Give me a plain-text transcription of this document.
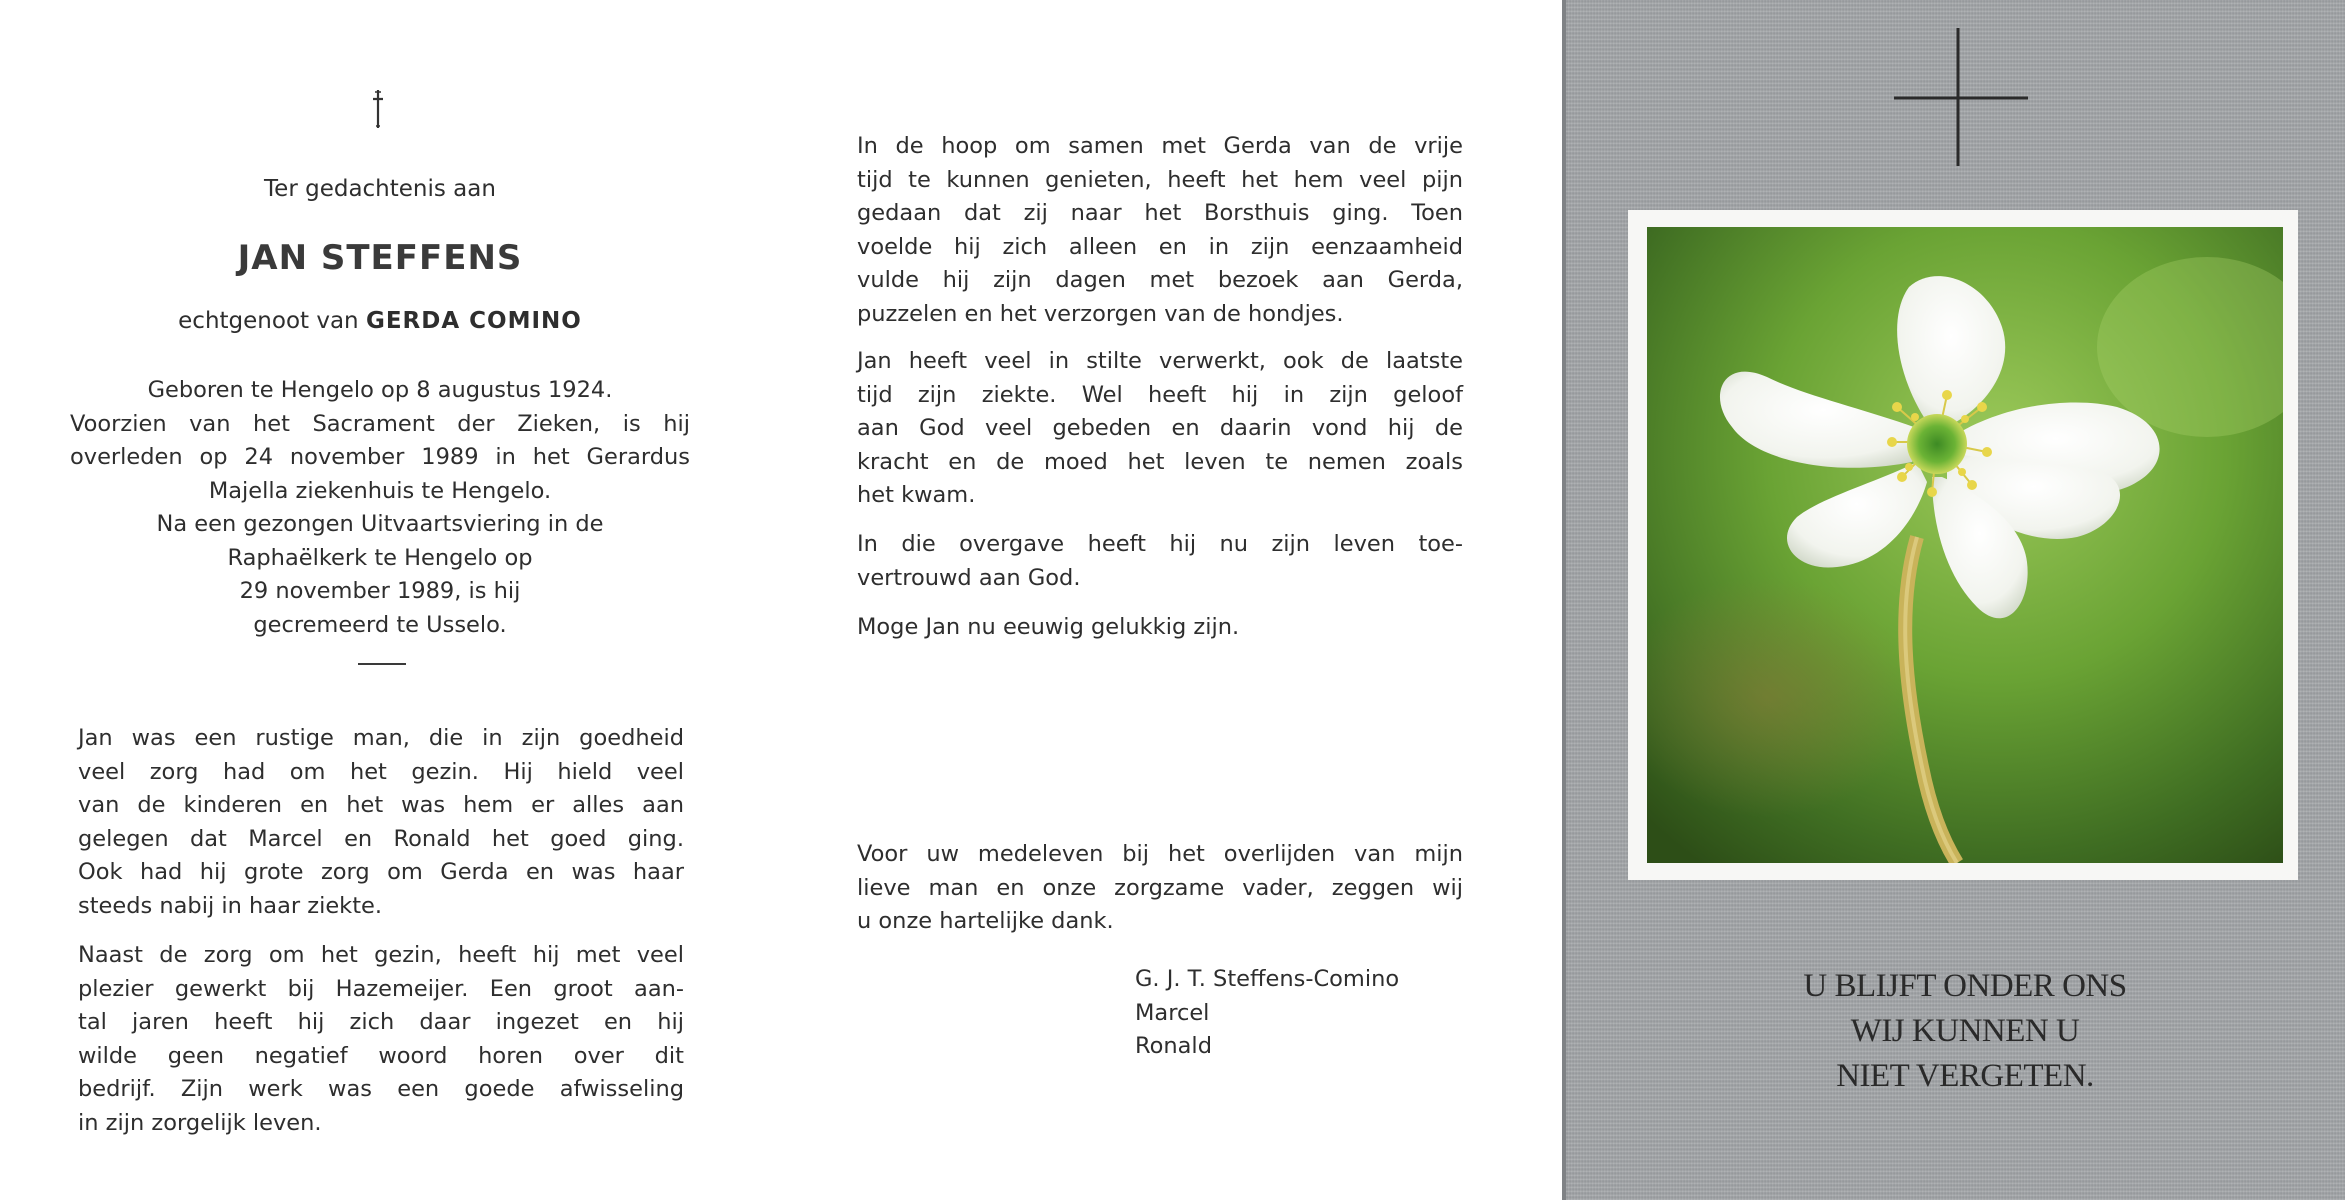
Ter gedachtenis aan
JAN STEFFENS
echtgenoot van GERDA COMINO
Geboren te Hengelo op 8 augustus 1924.
Voorzien van het Sacrament der Zieken, is hij
overleden op 24 november 1989 in het Gerardus
Majella ziekenhuis te Hengelo.
Na een gezongen Uitvaartsviering in de
Raphaëlkerk te Hengelo op
29 november 1989, is hij
gecremeerd te Usselo.
Jan was een rustige man, die in zijn goedheid
veel zorg had om het gezin. Hij hield veel
van de kinderen en het was hem er alles aan
gelegen dat Marcel en Ronald het goed ging.
Ook had hij grote zorg om Gerda en was haar
steeds nabij in haar ziekte.
Naast de zorg om het gezin, heeft hij met veel
plezier gewerkt bij Hazemeijer. Een groot aan-
tal jaren heeft hij zich daar ingezet en hij
wilde geen negatief woord horen over dit
bedrijf. Zijn werk was een goede afwisseling
in zijn zorgelijk leven.
In de hoop om samen met Gerda van de vrije
tijd te kunnen genieten, heeft het hem veel pijn
gedaan dat zij naar het Borsthuis ging. Toen
voelde hij zich alleen en in zijn eenzaamheid
vulde hij zijn dagen met bezoek aan Gerda,
puzzelen en het verzorgen van de hondjes.
Jan heeft veel in stilte verwerkt, ook de laatste
tijd zijn ziekte. Wel heeft hij in zijn geloof
aan God veel gebeden en daarin vond hij de
kracht en de moed het leven te nemen zoals
het kwam.
In die overgave heeft hij nu zijn leven toe-
vertrouwd aan God.
Moge Jan nu eeuwig gelukkig zijn.
Voor uw medeleven bij het overlijden van mijn
lieve man en onze zorgzame vader, zeggen wij
u onze hartelijke dank.
G. J. T. Steffens-Comino
Marcel
Ronald
U BLIJFT ONDER ONS
WIJ KUNNEN U
NIET VERGETEN.
